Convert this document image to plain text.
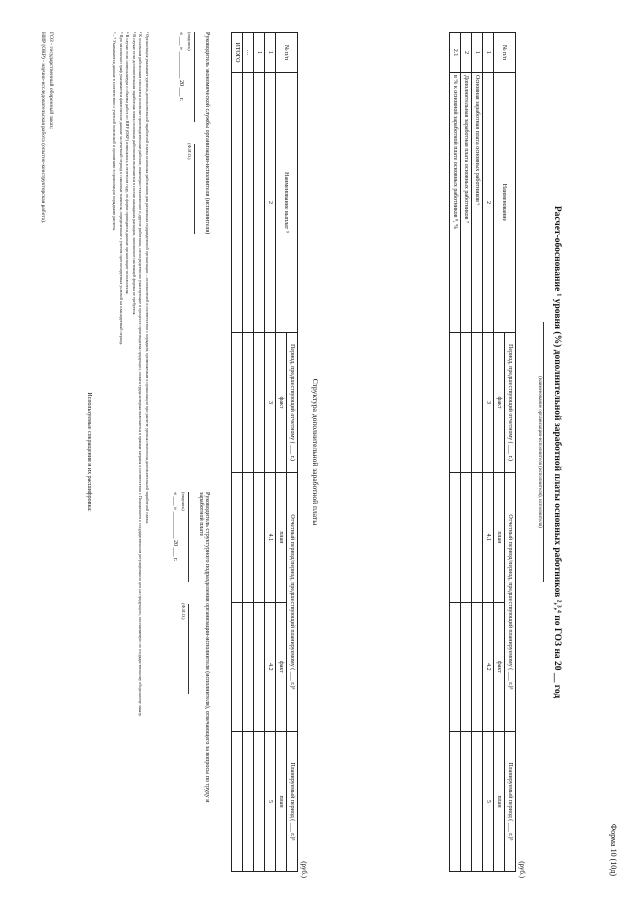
Форма 10 (10д)
Расчет-обоснование ¹ уровня (%) дополнительной заработной платы основных работников ²,³,⁴ по ГОЗ на 20 __ год
(наименование организации-исполнителя (исполнителя), исполнителя)
(руб.)
№ п/п	Наименование	Период, предшествующий отчетному ( ___ г.)	Отчетный период/период, предшествующий планируемому ( ___ г.)⁵		Планируемый период ( ___ г.)⁵
		факт	план	факт	план
1	2	3	4.1	4.2	5
1	Основная заработная плата основных работников ⁶				
2	Дополнительная заработная плата основных работников ⁷				
2.1	в % к основной заработной плате основных работников ⁸, %				
Структура дополнительной заработной платы
(руб.)
№ п/п	Наименование выплат ⁹	Период, предшествующий отчетному ( ___ г.)	Отчетный период/период, предшествующий планируемому ( ___ г.)⁵		Планируемый период ( ___ г.)⁵
		факт	план	факт	план
1	2	3	4.1	4.2	5
1					
…					
ИТОГО					
Руководитель экономической службы организации-исполнителя (исполнителя)

(подпись) (Ф.И.О.)
« ___ » _________ 20 ___ г.
Руководитель структурного подразделения организации-исполнителя (исполнителя), отвечающего за вопросы по труду и заработной плате

(подпись) (Ф.И.О.)
« ___ » _________ 20 ___ г.

¹ Организация указывает уровень дополнительной заработной платы основных работников для различных подразделений организации – исполнителей в соответствии с порядком, применяемым в организации при расчете уровня отнесения дополнительной заработной платы.

² К основным работникам относятся основные производственные рабочие, инженерно-технические и другие работники, непосредственно участвующие в процессе производства продукции, оплата труда которых включается в прямые затраты в соответствии с Положением о государственном регулировании цен на продукцию, поставляемую по государственному оборонному заказу.

³ В случае если дополнительная заработная плата основных работников включается в состав накладных расходов, заполнение настоящей формы не требуется.

⁴ В случае если номенклатура и объемы работ по НИР (ОКР) изменялись в отчетном году, по форме приводятся данные организации-исполнителя.

⁵ При заполнении граф указываются фактические данные за отчетный период и плановые значения, определенные с учетом прогнозируемых условий на планируемый период.

⁶ – ⁹ Указываются данные в соответствии с учетной политикой и принятыми в организации порядками расчета.

Используемые сокращения и их расшифровка:
ГОЗ - государственный оборонный заказ;
НИР (ОКР) - научно-исследовательская работа (опытно-конструкторская работа).
